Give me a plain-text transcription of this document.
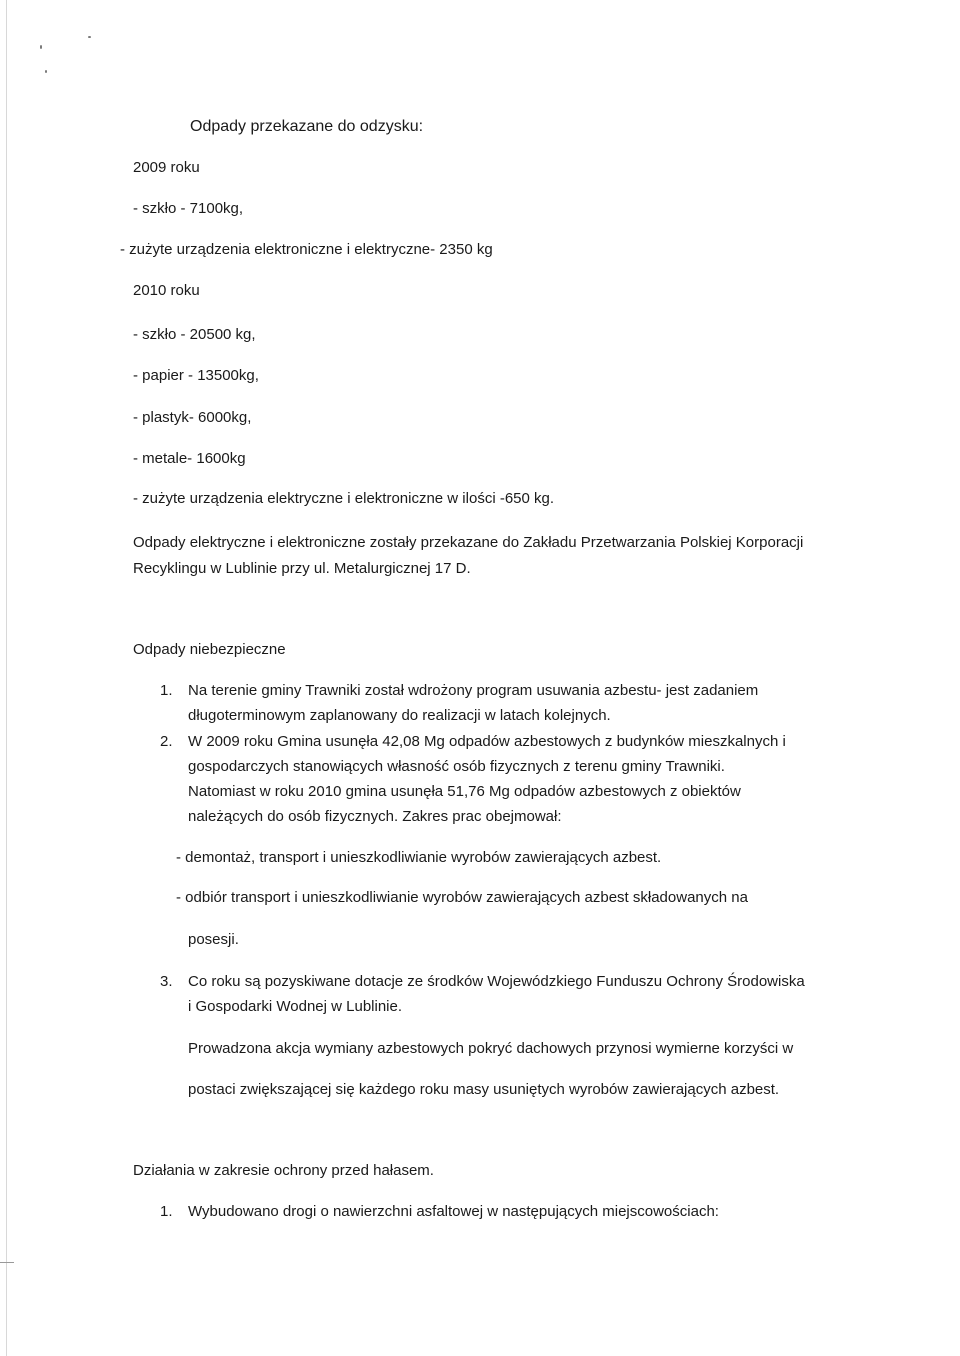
Odpady przekazane do odzysku:
2009 roku
- szkło - 7100kg,
- zużyte urządzenia elektroniczne i elektryczne- 2350 kg
2010 roku
- szkło - 20500 kg,
- papier - 13500kg,
- plastyk- 6000kg,
- metale- 1600kg
- zużyte urządzenia elektryczne i elektroniczne w ilości -650 kg.
Odpady elektryczne i elektroniczne zostały przekazane do Zakładu Przetwarzania Polskiej Korporacji
Recyklingu w Lublinie przy ul. Metalurgicznej 17 D.
Odpady niebezpieczne
1. Na terenie gminy Trawniki został wdrożony program usuwania azbestu- jest zadaniem
długoterminowym zaplanowany do realizacji w latach kolejnych.
2. W 2009 roku Gmina usunęła 42,08 Mg odpadów azbestowych z budynków mieszkalnych i
gospodarczych stanowiących własność osób fizycznych z terenu gminy Trawniki.
Natomiast w roku 2010 gmina usunęła 51,76 Mg odpadów azbestowych z obiektów
należących do osób fizycznych. Zakres prac obejmował:
- demontaż, transport i unieszkodliwianie wyrobów zawierających azbest.
- odbiór transport i unieszkodliwianie wyrobów zawierających azbest składowanych na
posesji.
3. Co roku są pozyskiwane dotacje ze środków Wojewódzkiego Funduszu Ochrony Środowiska
i Gospodarki Wodnej w Lublinie.
Prowadzona akcja wymiany azbestowych pokryć dachowych przynosi wymierne korzyści w
postaci zwiększającej się każdego roku masy usuniętych wyrobów zawierających azbest.
Działania w zakresie ochrony przed hałasem.
1. Wybudowano drogi o nawierzchni asfaltowej w następujących miejscowościach:
